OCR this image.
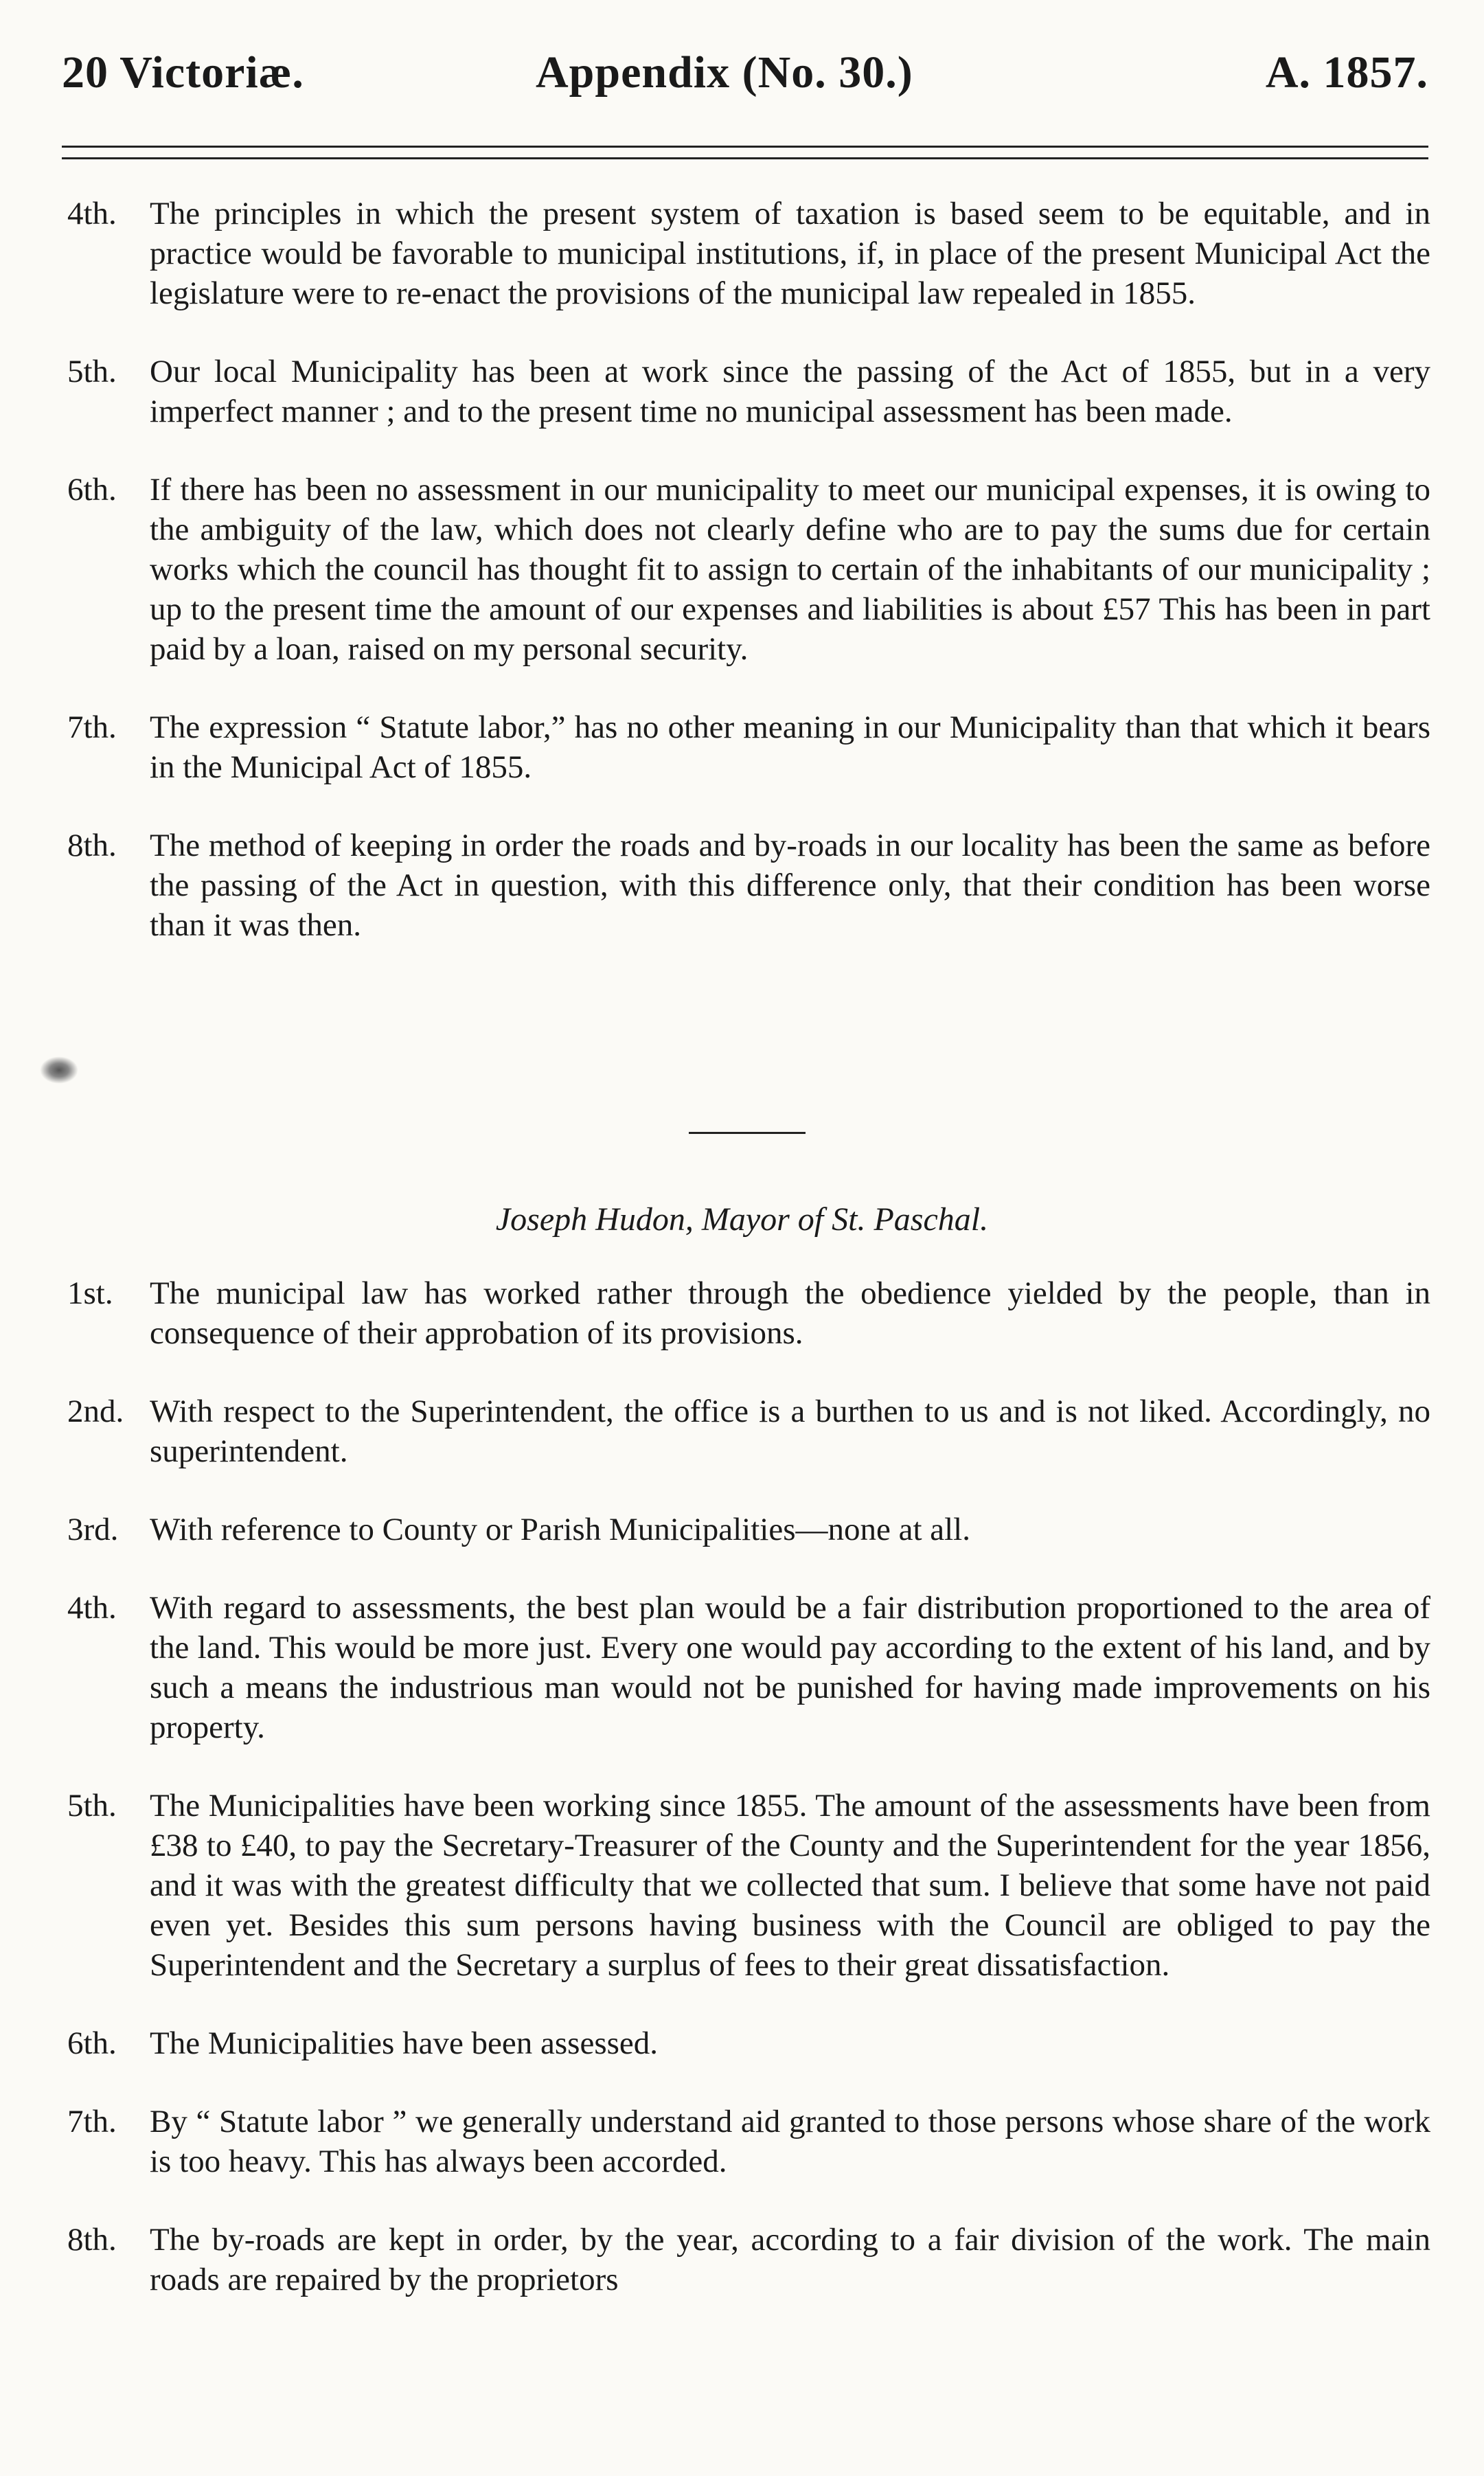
20 Victoriæ.	Appendix (No. 30.)	A. 1857.
4th. The principles in which the present system of taxation is based seem to be equitable, and in practice would be favorable to municipal institutions, if, in place of the present Municipal Act the legislature were to re-enact the provisions of the municipal law repealed in 1855.
5th. Our local Municipality has been at work since the passing of the Act of 1855, but in a very imperfect manner ; and to the present time no municipal assessment has been made.
6th. If there has been no assessment in our municipality to meet our municipal expenses, it is owing to the ambiguity of the law, which does not clearly define who are to pay the sums due for certain works which the council has thought fit to assign to certain of the inhabitants of our municipality ; up to the present time the amount of our expenses and liabilities is about £57 This has been in part paid by a loan, raised on my personal security.
7th. The expression “ Statute labor,” has no other meaning in our Municipality than that which it bears in the Municipal Act of 1855.
8th. The method of keeping in order the roads and by-roads in our locality has been the same as before the passing of the Act in question, with this difference only, that their condition has been worse than it was then.
Joseph Hudon, Mayor of St. Paschal.
1st. The municipal law has worked rather through the obedience yielded by the people, than in consequence of their approbation of its provisions.
2nd. With respect to the Superintendent, the office is a burthen to us and is not liked. Accordingly, no superintendent.
3rd. With reference to County or Parish Municipalities—none at all.
4th. With regard to assessments, the best plan would be a fair distribution proportioned to the area of the land. This would be more just. Every one would pay according to the extent of his land, and by such a means the industrious man would not be punished for having made improvements on his property.
5th. The Municipalities have been working since 1855. The amount of the assessments have been from £38 to £40, to pay the Secretary-Treasurer of the County and the Superintendent for the year 1856, and it was with the greatest difficulty that we collected that sum. I believe that some have not paid even yet. Besides this sum persons having business with the Council are obliged to pay the Superintendent and the Secretary a surplus of fees to their great dissatisfaction.
6th. The Municipalities have been assessed.
7th. By “ Statute labor ” we generally understand aid granted to those persons whose share of the work is too heavy. This has always been accorded.
8th. The by-roads are kept in order, by the year, according to a fair division of the work. The main roads are repaired by the proprietors
